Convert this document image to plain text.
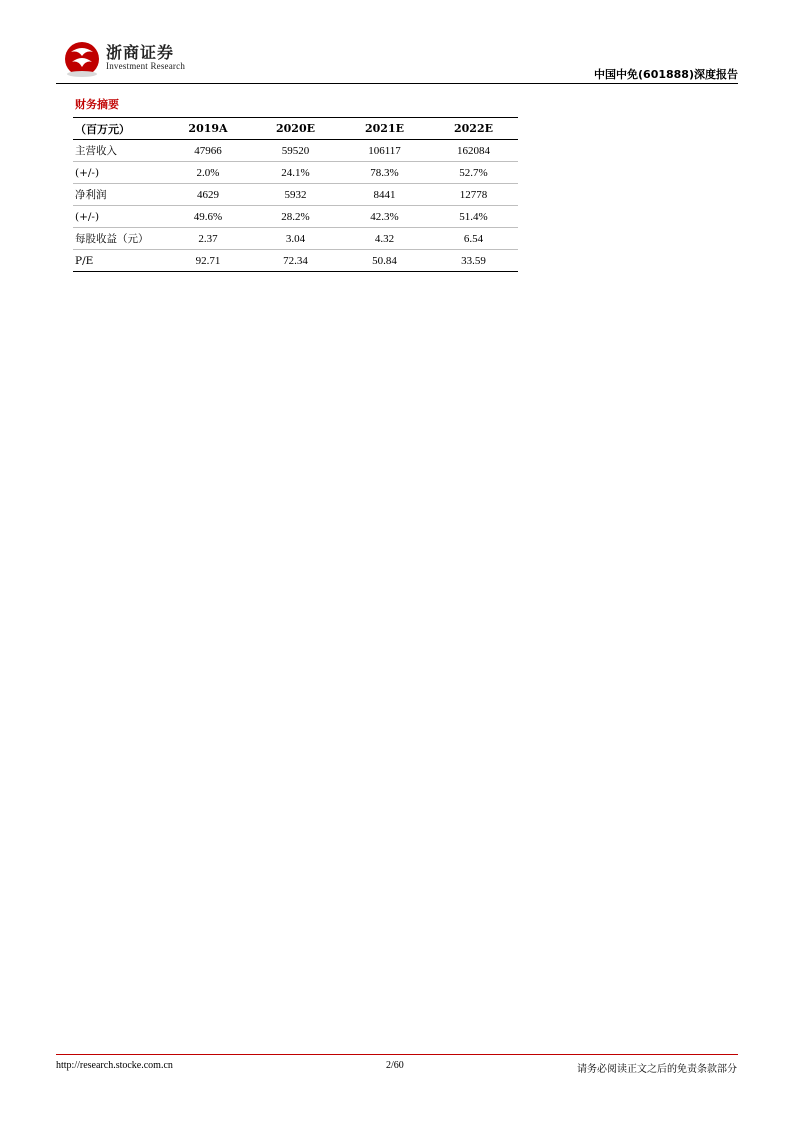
浙商证券
Investment Research
中国中免(601888)深度报告
财务摘要
（百万元）	2019A	2020E	2021E	2022E
主营收入	47966	59520	106117	162084
(+/-)	2.0%	24.1%	78.3%	52.7%
净利润	4629	5932	8441	12778
(+/-)	49.6%	28.2%	42.3%	51.4%
每股收益（元）	2.37	3.04	4.32	6.54
P/E	92.71	72.34	50.84	33.59
http://research.stocke.com.cn	2/60	请务必阅读正文之后的免责条款部分
